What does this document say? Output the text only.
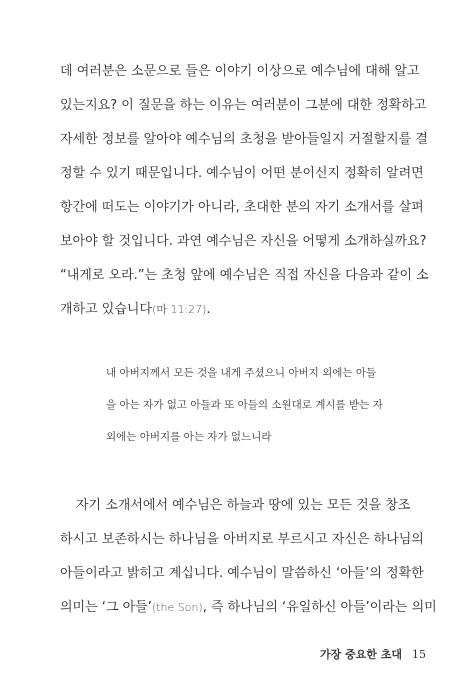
데 여러분은 소문으로 들은 이야기 이상으로 예수님에 대해 알고
있는지요? 이 질문을 하는 이유는 여러분이 그분에 대한 정확하고
자세한 정보를 알아야 예수님의 초청을 받아들일지 거절할지를 결
정할 수 있기 때문입니다. 예수님이 어떤 분이신지 정확히 알려면
항간에 떠도는 이야기가 아니라, 초대한 분의 자기 소개서를 살펴
보아야 할 것입니다. 과연 예수님은 자신을 어떻게 소개하실까요?
“내게로 오라.”는 초청 앞에 예수님은 직접 자신을 다음과 같이 소
개하고 있습니다(마 11:27).
내 아버지께서 모든 것을 내게 주셨으니 아버지 외에는 아들
을 아는 자가 없고 아들과 또 아들의 소원대로 계시를 받는 자
외에는 아버지를 아는 자가 없느니라
자기 소개서에서 예수님은 하늘과 땅에 있는 모든 것을 창조
하시고 보존하시는 하나님을 아버지로 부르시고 자신은 하나님의
아들이라고 밝히고 계십니다. 예수님이 말씀하신 ‘아들’의 정확한
의미는 ‘그 아들’(the Son), 즉 하나님의 ‘유일하신 아들’이라는 의미
가장 중요한 초대 15
